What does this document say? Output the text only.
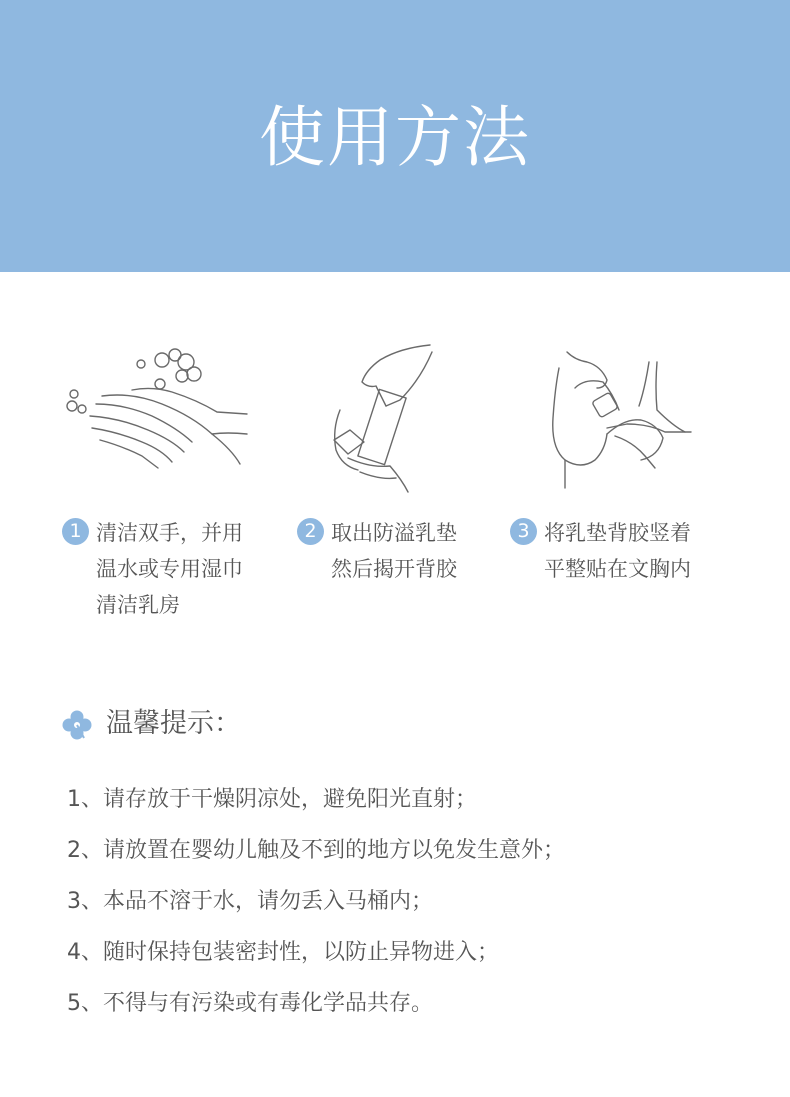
使用方法
1 清洁双手，并用
温水或专用湿巾
清洁乳房
2 取出防溢乳垫
然后揭开背胶
3 将乳垫背胶竖着
平整贴在文胸内
温馨提示：
1、请存放于干燥阴凉处，避免阳光直射；
2、请放置在婴幼儿触及不到的地方以免发生意外；
3、本品不溶于水，请勿丢入马桶内；
4、随时保持包装密封性，以防止异物进入；
5、不得与有污染或有毒化学品共存。
